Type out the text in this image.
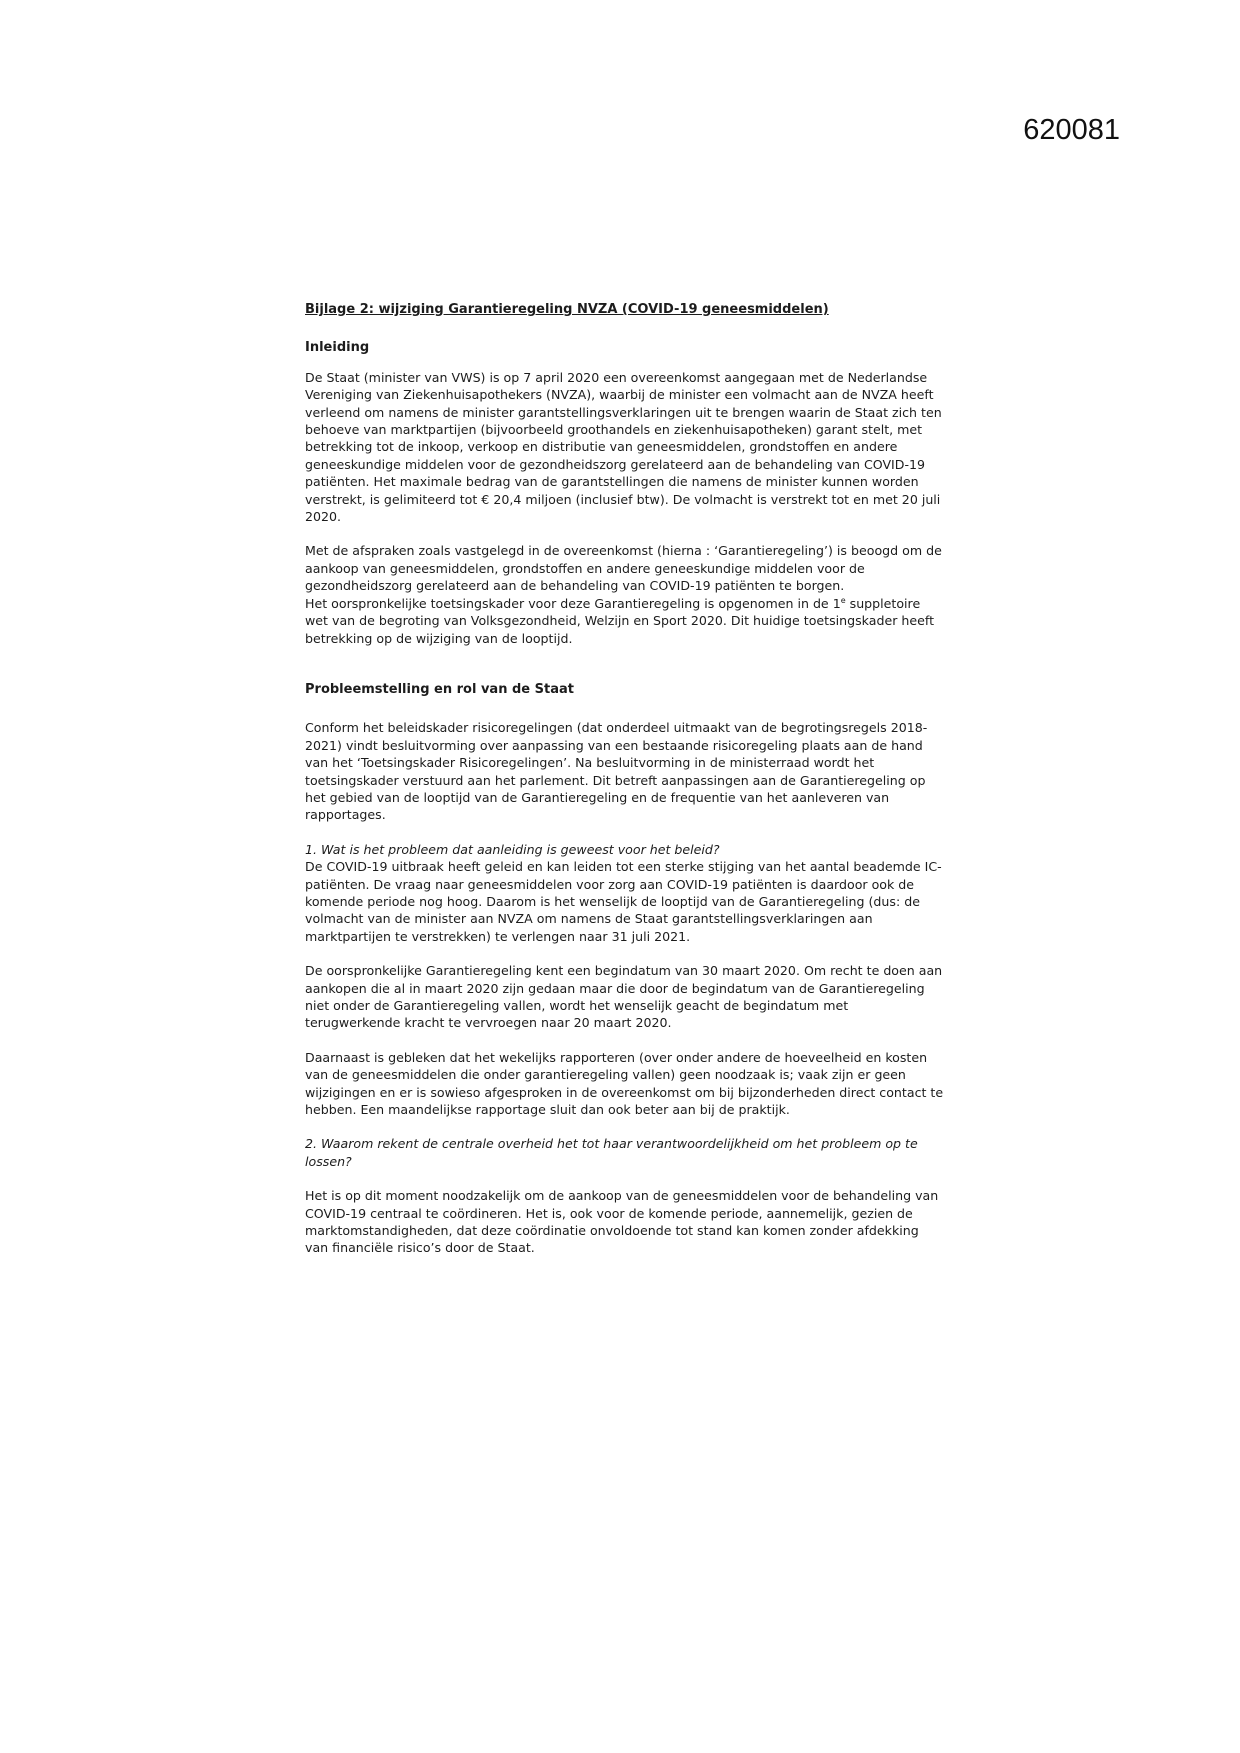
620081
Bijlage 2: wijziging Garantieregeling NVZA (COVID-19 geneesmiddelen)
Inleiding

De Staat (minister van VWS) is op 7 april 2020 een overeenkomst aangegaan met de Nederlandse Vereniging van Ziekenhuisapothekers (NVZA), waarbij de minister een volmacht aan de NVZA heeft verleend om namens de minister garantstellingsverklaringen uit te brengen waarin de Staat zich ten behoeve van marktpartijen (bijvoorbeeld groothandels en ziekenhuisapotheken) garant stelt, met betrekking tot de inkoop, verkoop en distributie van geneesmiddelen, grondstoffen en andere geneeskundige middelen voor de gezondheidszorg gerelateerd aan de behandeling van COVID-19 patiënten. Het maximale bedrag van de garantstellingen die namens de minister kunnen worden verstrekt, is gelimiteerd tot € 20,4 miljoen (inclusief btw). De volmacht is verstrekt tot en met 20 juli 2020.

Met de afspraken zoals vastgelegd in de overeenkomst (hierna : ‘Garantieregeling’) is beoogd om de aankoop van geneesmiddelen, grondstoffen en andere geneeskundige middelen voor de gezondheidszorg gerelateerd aan de behandeling van COVID-19 patiënten te borgen.

Het oorspronkelijke toetsingskader voor deze Garantieregeling is opgenomen in de 1e suppletoire wet van de begroting van Volksgezondheid, Welzijn en Sport 2020. Dit huidige toetsingskader heeft betrekking op de wijziging van de looptijd.

Probleemstelling en rol van de Staat

Conform het beleidskader risicoregelingen (dat onderdeel uitmaakt van de begrotingsregels 2018-2021) vindt besluitvorming over aanpassing van een bestaande risicoregeling plaats aan de hand van het ‘Toetsingskader Risicoregelingen’. Na besluitvorming in de ministerraad wordt het toetsingskader verstuurd aan het parlement. Dit betreft aanpassingen aan de Garantieregeling op het gebied van de looptijd van de Garantieregeling en de frequentie van het aanleveren van rapportages.

1. Wat is het probleem dat aanleiding is geweest voor het beleid?

De COVID-19 uitbraak heeft geleid en kan leiden tot een sterke stijging van het aantal beademde IC-patiënten. De vraag naar geneesmiddelen voor zorg aan COVID-19 patiënten is daardoor ook de komende periode nog hoog. Daarom is het wenselijk de looptijd van de Garantieregeling (dus: de volmacht van de minister aan NVZA om namens de Staat garantstellingsverklaringen aan marktpartijen te verstrekken) te verlengen naar 31 juli 2021.

De oorspronkelijke Garantieregeling kent een begindatum van 30 maart 2020. Om recht te doen aan aankopen die al in maart 2020 zijn gedaan maar die door de begindatum van de Garantieregeling niet onder de Garantieregeling vallen, wordt het wenselijk geacht de begindatum met terugwerkende kracht te vervroegen naar 20 maart 2020.

Daarnaast is gebleken dat het wekelijks rapporteren (over onder andere de hoeveelheid en kosten van de geneesmiddelen die onder garantieregeling vallen) geen noodzaak is; vaak zijn er geen wijzigingen en er is sowieso afgesproken in de overeenkomst om bij bijzonderheden direct contact te hebben. Een maandelijkse rapportage sluit dan ook beter aan bij de praktijk.

2. Waarom rekent de centrale overheid het tot haar verantwoordelijkheid om het probleem op te lossen?

Het is op dit moment noodzakelijk om de aankoop van de geneesmiddelen voor de behandeling van COVID-19 centraal te coördineren. Het is, ook voor de komende periode, aannemelijk, gezien de marktomstandigheden, dat deze coördinatie onvoldoende tot stand kan komen zonder afdekking van financiële risico’s door de Staat.
